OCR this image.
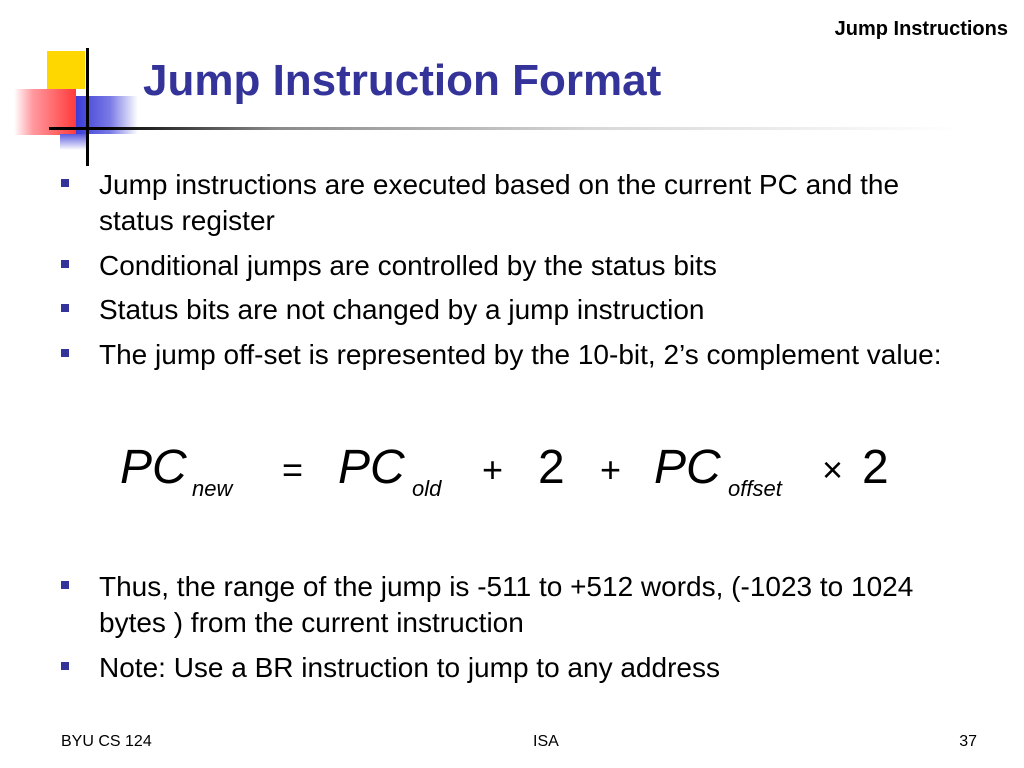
Jump Instructions
Jump Instruction Format
Jump instructions are executed based on the current PC and the status register
Conditional jumps are controlled by the status bits
Status bits are not changed by a jump instruction
The jump off-set is represented by the 10-bit, 2’s complement value:
PC new = PC old + 2 + PC offset × 2
Thus, the range of the jump is -511 to +512 words, (-1023 to 1024 bytes ) from the current instruction
Note: Use a BR instruction to jump to any address
BYU CS 124	ISA	37
